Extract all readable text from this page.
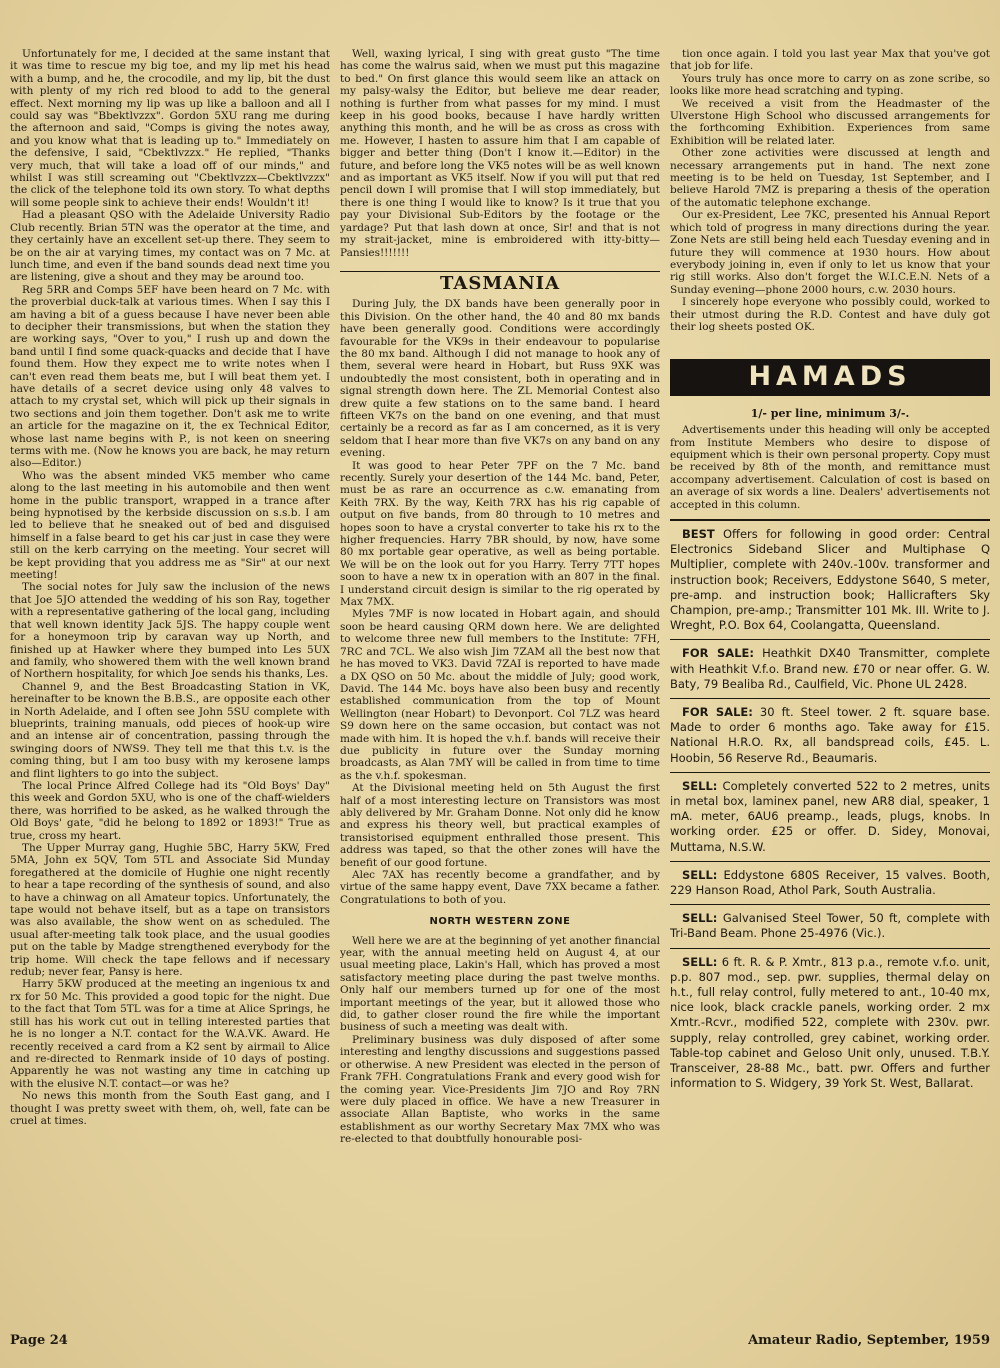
Unfortunately for me, I decided at the same instant that it was time to rescue my big toe, and my lip met his head with a bump, and he, the crocodile, and my lip, bit the dust with plenty of my rich red blood to add to the general effect. Next morning my lip was up like a balloon and all I could say was "Bbektlvzzx". Gordon 5XU rang me during the afternoon and said, "Comps is giving the notes away, and you know what that is leading up to." Immediately on the defensive, I said, "Cbektlvzzx." He replied, "Thanks very much, that will take a load off of our minds," and whilst I was still screaming out "Cbektlvzzx—Cbektlvzzx" the click of the telephone told its own story. To what depths will some people sink to achieve their ends! Wouldn't it!

Had a pleasant QSO with the Adelaide University Radio Club recently. Brian 5TN was the operator at the time, and they certainly have an excellent set-up there. They seem to be on the air at varying times, my contact was on 7 Mc. at lunch time, and even if the band sounds dead next time you are listening, give a shout and they may be around too.

Reg 5RR and Comps 5EF have been heard on 7 Mc. with the proverbial duck-talk at various times. When I say this I am having a bit of a guess because I have never been able to decipher their transmissions, but when the station they are working says, "Over to you," I rush up and down the band until I find some quack-quacks and decide that I have found them. How they expect me to write notes when I can't even read them beats me, but I will beat them yet. I have details of a secret device using only 48 valves to attach to my crystal set, which will pick up their signals in two sections and join them together. Don't ask me to write an article for the magazine on it, the ex Technical Editor, whose last name begins with P., is not keen on sneering terms with me. (Now he knows you are back, he may return also—Editor.)

Who was the absent minded VK5 member who came along to the last meeting in his automobile and then went home in the public transport, wrapped in a trance after being hypnotised by the kerbside discussion on s.s.b. I am led to believe that he sneaked out of bed and disguised himself in a false beard to get his car just in case they were still on the kerb carrying on the meeting. Your secret will be kept providing that you address me as "Sir" at our next meeting!

The social notes for July saw the inclusion of the news that Joe 5JO attended the wedding of his son Ray, together with a representative gathering of the local gang, including that well known identity Jack 5JS. The happy couple went for a honeymoon trip by caravan way up North, and finished up at Hawker where they bumped into Les 5UX and family, who showered them with the well known brand of Northern hospitality, for which Joe sends his thanks, Les.

Channel 9, and the Best Broadcasting Station in VK, hereinafter to be known the B.B.S., are opposite each other in North Adelaide, and I often see John 5SU complete with blueprints, training manuals, odd pieces of hook-up wire and an intense air of concentration, passing through the swinging doors of NWS9. They tell me that this t.v. is the coming thing, but I am too busy with my kerosene lamps and flint lighters to go into the subject.

The local Prince Alfred College had its "Old Boys' Day" this week and Gordon 5XU, who is one of the chaff-wielders there, was horrified to be asked, as he walked through the Old Boys' gate, "did he belong to 1892 or 1893!" True as true, cross my heart.

The Upper Murray gang, Hughie 5BC, Harry 5KW, Fred 5MA, John ex 5QV, Tom 5TL and Associate Sid Munday foregathered at the domicile of Hughie one night recently to hear a tape recording of the synthesis of sound, and also to have a chinwag on all Amateur topics. Unfortunately, the tape would not behave itself, but as a tape on transistors was also available, the show went on as scheduled. The usual after-meeting talk took place, and the usual goodies put on the table by Madge strengthened everybody for the trip home. Will check the tape fellows and if necessary redub; never fear, Pansy is here.

Harry 5KW produced at the meeting an ingenious tx and rx for 50 Mc. This provided a good topic for the night. Due to the fact that Tom 5TL was for a time at Alice Springs, he still has his work cut out in telling interested parties that he is no longer a N.T. contact for the W.A.VK. Award. He recently received a card from a K2 sent by airmail to Alice and re-directed to Renmark inside of 10 days of posting. Apparently he was not wasting any time in catching up with the elusive N.T. contact—or was he?

No news this month from the South East gang, and I thought I was pretty sweet with them, oh, well, fate can be cruel at times.

Well, waxing lyrical, I sing with great gusto "The time has come the walrus said, when we must put this magazine to bed." On first glance this would seem like an attack on my palsy-walsy the Editor, but believe me dear reader, nothing is further from what passes for my mind. I must keep in his good books, because I have hardly written anything this month, and he will be as cross as cross with me. However, I hasten to assure him that I am capable of bigger and better thing (Don't I know it.—Editor) in the future, and before long the VK5 notes will be as well known and as important as VK5 itself. Now if you will put that red pencil down I will promise that I will stop immediately, but there is one thing I would like to know? Is it true that you pay your Divisional Sub-Editors by the footage or the yardage? Put that lash down at once, Sir! and that is not my strait-jacket, mine is embroidered with itty-bitty—Pansies!!!!!!!

TASMANIA

During July, the DX bands have been generally poor in this Division. On the other hand, the 40 and 80 mx bands have been generally good. Conditions were accordingly favourable for the VK9s in their endeavour to popularise the 80 mx band. Although I did not manage to hook any of them, several were heard in Hobart, but Russ 9XK was undoubtedly the most consistent, both in operating and in signal strength down here. The ZL Memorial Contest also drew quite a few stations on to the same band. I heard fifteen VK7s on the band on one evening, and that must certainly be a record as far as I am concerned, as it is very seldom that I hear more than five VK7s on any band on any evening.

It was good to hear Peter 7PF on the 7 Mc. band recently. Surely your desertion of the 144 Mc. band, Peter, must be as rare an occurrence as c.w. emanating from Keith 7RX. By the way, Keith 7RX has his rig capable of output on five bands, from 80 through to 10 metres and hopes soon to have a crystal converter to take his rx to the higher frequencies. Harry 7BR should, by now, have some 80 mx portable gear operative, as well as being portable. We will be on the look out for you Harry. Terry 7TT hopes soon to have a new tx in operation with an 807 in the final. I understand circuit design is similar to the rig operated by Max 7MX.

Myles 7MF is now located in Hobart again, and should soon be heard causing QRM down here. We are delighted to welcome three new full members to the Institute: 7FH, 7RC and 7CL. We also wish Jim 7ZAM all the best now that he has moved to VK3. David 7ZAI is reported to have made a DX QSO on 50 Mc. about the middle of July; good work, David. The 144 Mc. boys have also been busy and recently established communication from the top of Mount Wellington (near Hobart) to Devonport. Col 7LZ was heard S9 down here on the same occasion, but contact was not made with him. It is hoped the v.h.f. bands will receive their due publicity in future over the Sunday morning broadcasts, as Alan 7MY will be called in from time to time as the v.h.f. spokesman.

At the Divisional meeting held on 5th August the first half of a most interesting lecture on Transistors was most ably delivered by Mr. Graham Donne. Not only did he know and express his theory well, but practical examples of transistorised equipment enthralled those present. This address was taped, so that the other zones will have the benefit of our good fortune.

Alec 7AX has recently become a grandfather, and by virtue of the same happy event, Dave 7XX became a father. Congratulations to both of you.

NORTH WESTERN ZONE

Well here we are at the beginning of yet another financial year, with the annual meeting held on August 4, at our usual meeting place, Lakin's Hall, which has proved a most satisfactory meeting place during the past twelve months. Only half our members turned up for one of the most important meetings of the year, but it allowed those who did, to gather closer round the fire while the important business of such a meeting was dealt with.

Preliminary business was duly disposed of after some interesting and lengthy discussions and suggestions passed or otherwise. A new President was elected in the person of Frank 7FH. Congratulations Frank and every good wish for the coming year. Vice-Presidents Jim 7JO and Roy 7RN were duly placed in office. We have a new Treasurer in associate Allan Baptiste, who works in the same establishment as our worthy Secretary Max 7MX who was re-elected to that doubtfully honourable posi-

tion once again. I told you last year Max that you've got that job for life.

Yours truly has once more to carry on as zone scribe, so looks like more head scratching and typing.

We received a visit from the Headmaster of the Ulverstone High School who discussed arrangements for the forthcoming Exhibition. Experiences from same Exhibition will be related later.

Other zone activities were discussed at length and necessary arrangements put in hand. The next zone meeting is to be held on Tuesday, 1st September, and I believe Harold 7MZ is preparing a thesis of the operation of the automatic telephone exchange.

Our ex-President, Lee 7KC, presented his Annual Report which told of progress in many directions during the year. Zone Nets are still being held each Tuesday evening and in future they will commence at 1930 hours. How about everybody joining in, even if only to let us know that your rig still works. Also don't forget the W.I.C.E.N. Nets of a Sunday evening—phone 2000 hours, c.w. 2030 hours.

I sincerely hope everyone who possibly could, worked to their utmost during the R.D. Contest and have duly got their log sheets posted OK.

HAMADS
1/- per line, minimum 3/-.
Advertisements under this heading will only be accepted from Institute Members who desire to dispose of equipment which is their own personal property. Copy must be received by 8th of the month, and remittance must accompany advertisement. Calculation of cost is based on an average of six words a line. Dealers' advertisements not accepted in this column.

BEST Offers for following in good order: Central Electronics Sideband Slicer and Multiphase Q Multiplier, complete with 240v.-100v. transformer and instruction book; Receivers, Eddystone S640, S meter, pre-amp. and instruction book; Hallicrafters Sky Champion, pre-amp.; Transmitter 101 Mk. III. Write to J. Wreght, P.O. Box 64, Coolangatta, Queensland.

FOR SALE: Heathkit DX40 Transmitter, complete with Heathkit V.f.o. Brand new. £70 or near offer. G. W. Baty, 79 Bealiba Rd., Caulfield, Vic. Phone UL 2428.

FOR SALE: 30 ft. Steel tower. 2 ft. square base. Made to order 6 months ago. Take away for £15. National H.R.O. Rx, all bandspread coils, £45. L. Hoobin, 56 Reserve Rd., Beaumaris.

SELL: Completely converted 522 to 2 metres, units in metal box, laminex panel, new AR8 dial, speaker, 1 mA. meter, 6AU6 preamp., leads, plugs, knobs. In working order. £25 or offer. D. Sidey, Monovai, Muttama, N.S.W.

SELL: Eddystone 680S Receiver, 15 valves. Booth, 229 Hanson Road, Athol Park, South Australia.

SELL: Galvanised Steel Tower, 50 ft, complete with Tri-Band Beam. Phone 25-4976 (Vic.).

SELL: 6 ft. R. & P. Xmtr., 813 p.a., remote v.f.o. unit, p.p. 807 mod., sep. pwr. supplies, thermal delay on h.t., full relay control, fully metered to ant., 10-40 mx, nice look, black crackle panels, working order. 2 mx Xmtr.-Rcvr., modified 522, complete with 230v. pwr. supply, relay controlled, grey cabinet, working order. Table-top cabinet and Geloso Unit only, unused. T.B.Y. Transceiver, 28-88 Mc., batt. pwr. Offers and further information to S. Widgery, 39 York St. West, Ballarat.

Page 24	Amateur Radio, September, 1959
